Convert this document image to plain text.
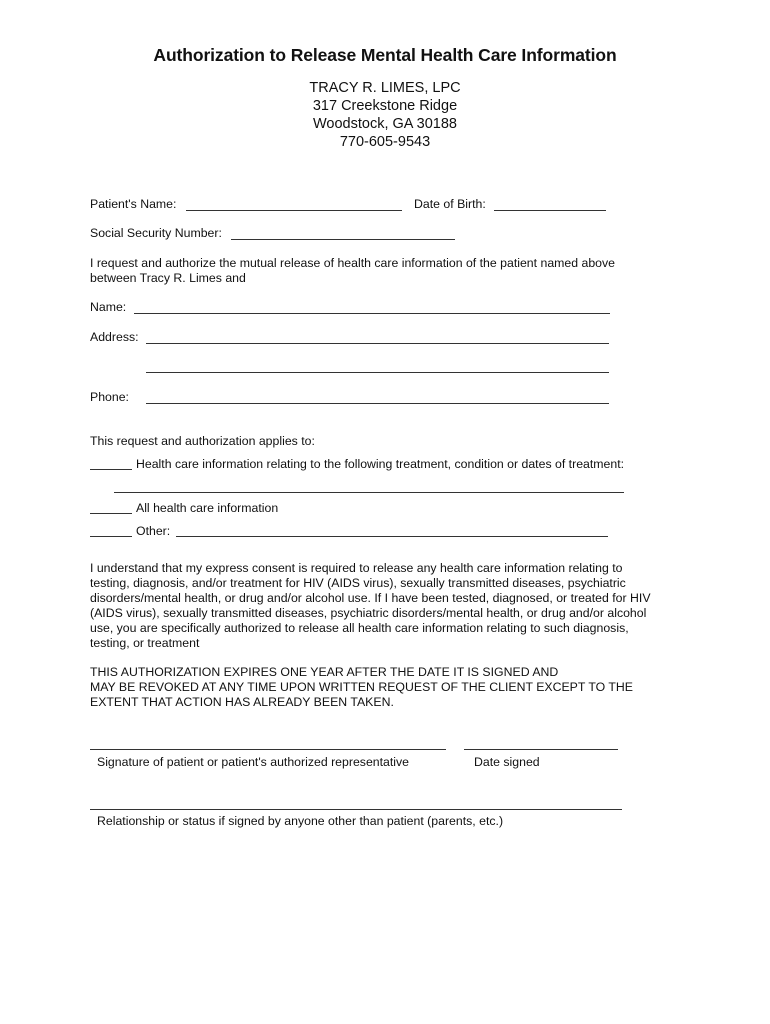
Authorization to Release Mental Health Care Information
TRACY R. LIMES, LPC
317 Creekstone Ridge
Woodstock, GA 30188
770-605-9543
Patient's Name:	Date of Birth:
Social Security Number:
I request and authorize the mutual release of health care information of the patient named above
between Tracy R. Limes and
Name:
Address:
Phone:
This request and authorization applies to:
Health care information relating to the following treatment, condition or dates of treatment:
All health care information
Other:
I understand that my express consent is required to release any health care information relating to
testing, diagnosis, and/or treatment for HIV (AIDS virus), sexually transmitted diseases, psychiatric
disorders/mental health, or drug and/or alcohol use. If I have been tested, diagnosed, or treated for HIV
(AIDS virus), sexually transmitted diseases, psychiatric disorders/mental health, or drug and/or alcohol
use, you are specifically authorized to release all health care information relating to such diagnosis,
testing, or treatment
THIS AUTHORIZATION EXPIRES ONE YEAR AFTER THE DATE IT IS SIGNED AND
MAY BE REVOKED AT ANY TIME UPON WRITTEN REQUEST OF THE CLIENT EXCEPT TO THE
EXTENT THAT ACTION HAS ALREADY BEEN TAKEN.
Signature of patient or patient's authorized representative	Date signed
Relationship or status if signed by anyone other than patient (parents, etc.)
